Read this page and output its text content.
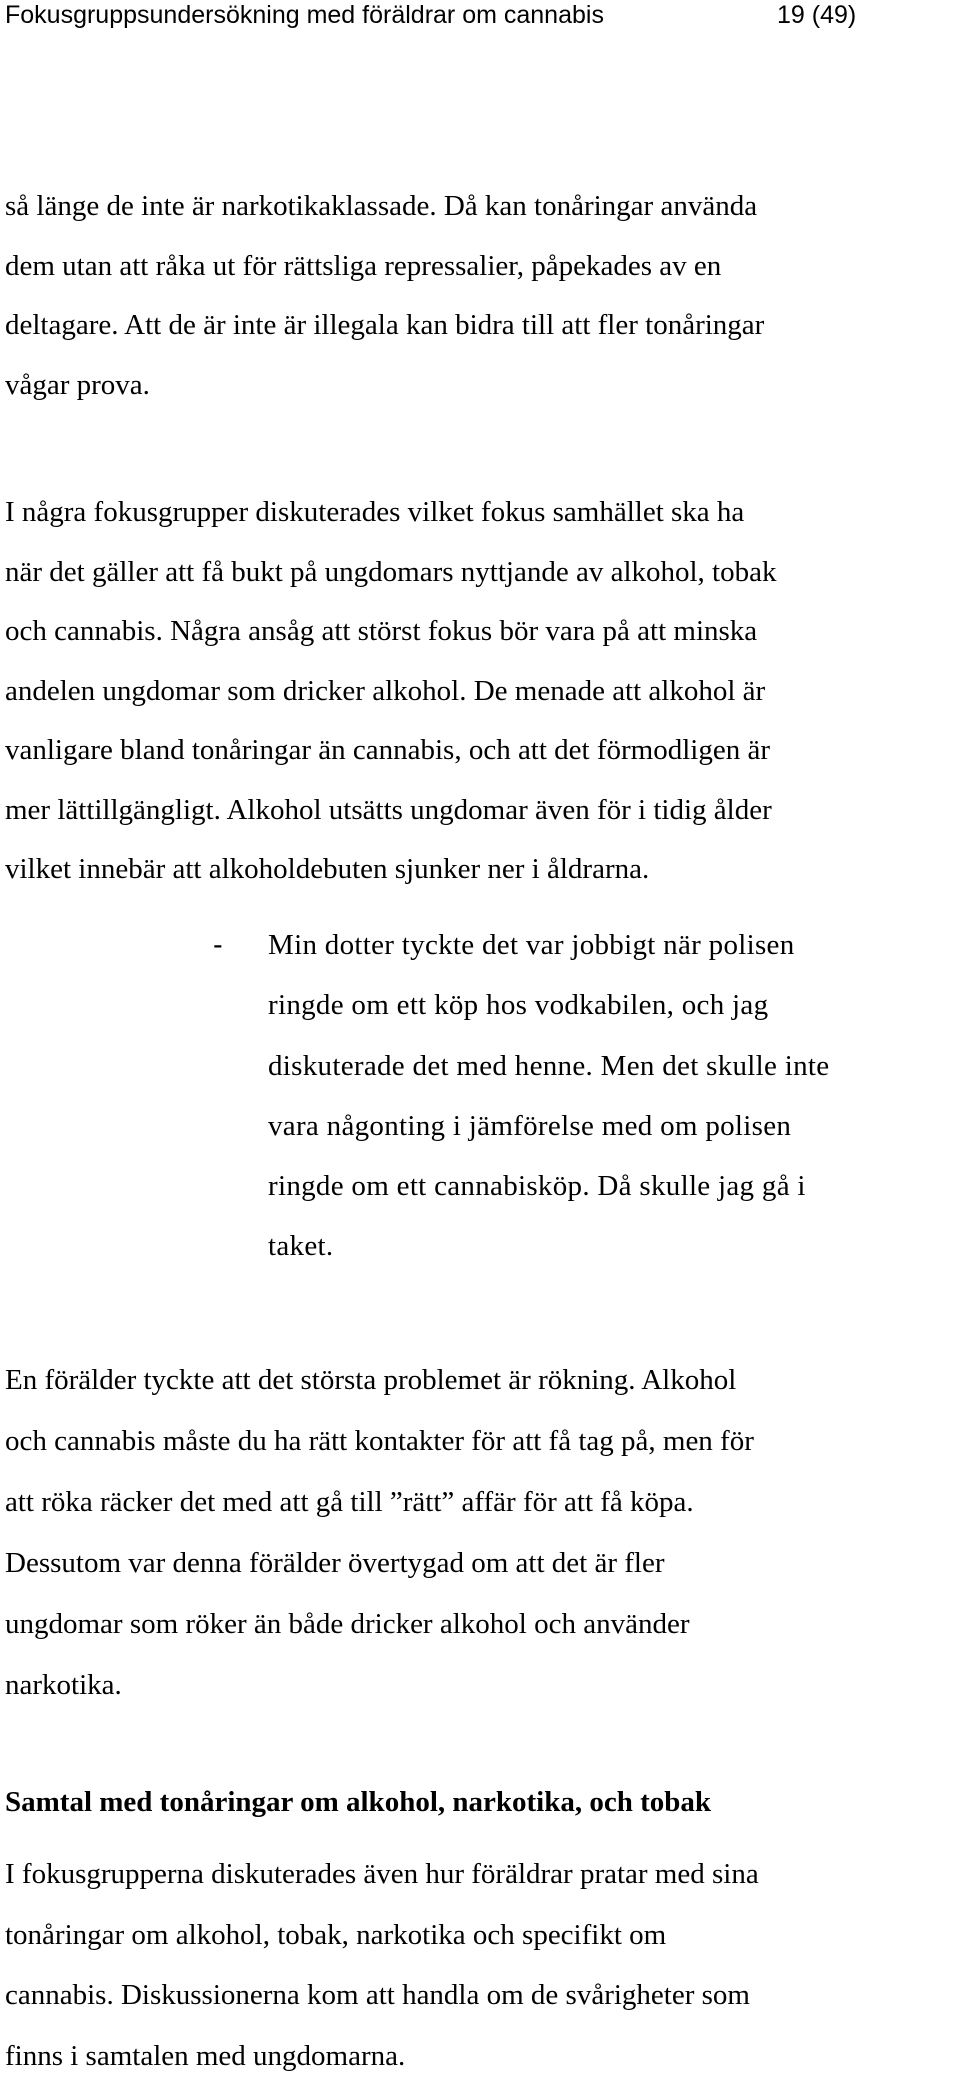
Fokusgruppsundersökning med föräldrar om cannabis	19 (49)
så länge de inte är narkotikaklassade. Då kan tonåringar använda
dem utan att råka ut för rättsliga repressalier, påpekades av en
deltagare. Att de är inte är illegala kan bidra till att fler tonåringar
vågar prova.
I några fokusgrupper diskuterades vilket fokus samhället ska ha
när det gäller att få bukt på ungdomars nyttjande av alkohol, tobak
och cannabis. Några ansåg att störst fokus bör vara på att minska
andelen ungdomar som dricker alkohol. De menade att alkohol är
vanligare bland tonåringar än cannabis, och att det förmodligen är
mer lättillgängligt. Alkohol utsätts ungdomar även för i tidig ålder
vilket innebär att alkoholdebuten sjunker ner i åldrarna.
- Min dotter tyckte det var jobbigt när polisen
ringde om ett köp hos vodkabilen, och jag
diskuterade det med henne. Men det skulle inte
vara någonting i jämförelse med om polisen
ringde om ett cannabisköp. Då skulle jag gå i
taket.
En förälder tyckte att det största problemet är rökning. Alkohol
och cannabis måste du ha rätt kontakter för att få tag på, men för
att röka räcker det med att gå till ”rätt” affär för att få köpa.
Dessutom var denna förälder övertygad om att det är fler
ungdomar som röker än både dricker alkohol och använder
narkotika.
Samtal med tonåringar om alkohol, narkotika, och tobak
I fokusgrupperna diskuterades även hur föräldrar pratar med sina
tonåringar om alkohol, tobak, narkotika och specifikt om
cannabis. Diskussionerna kom att handla om de svårigheter som
finns i samtalen med ungdomarna.
